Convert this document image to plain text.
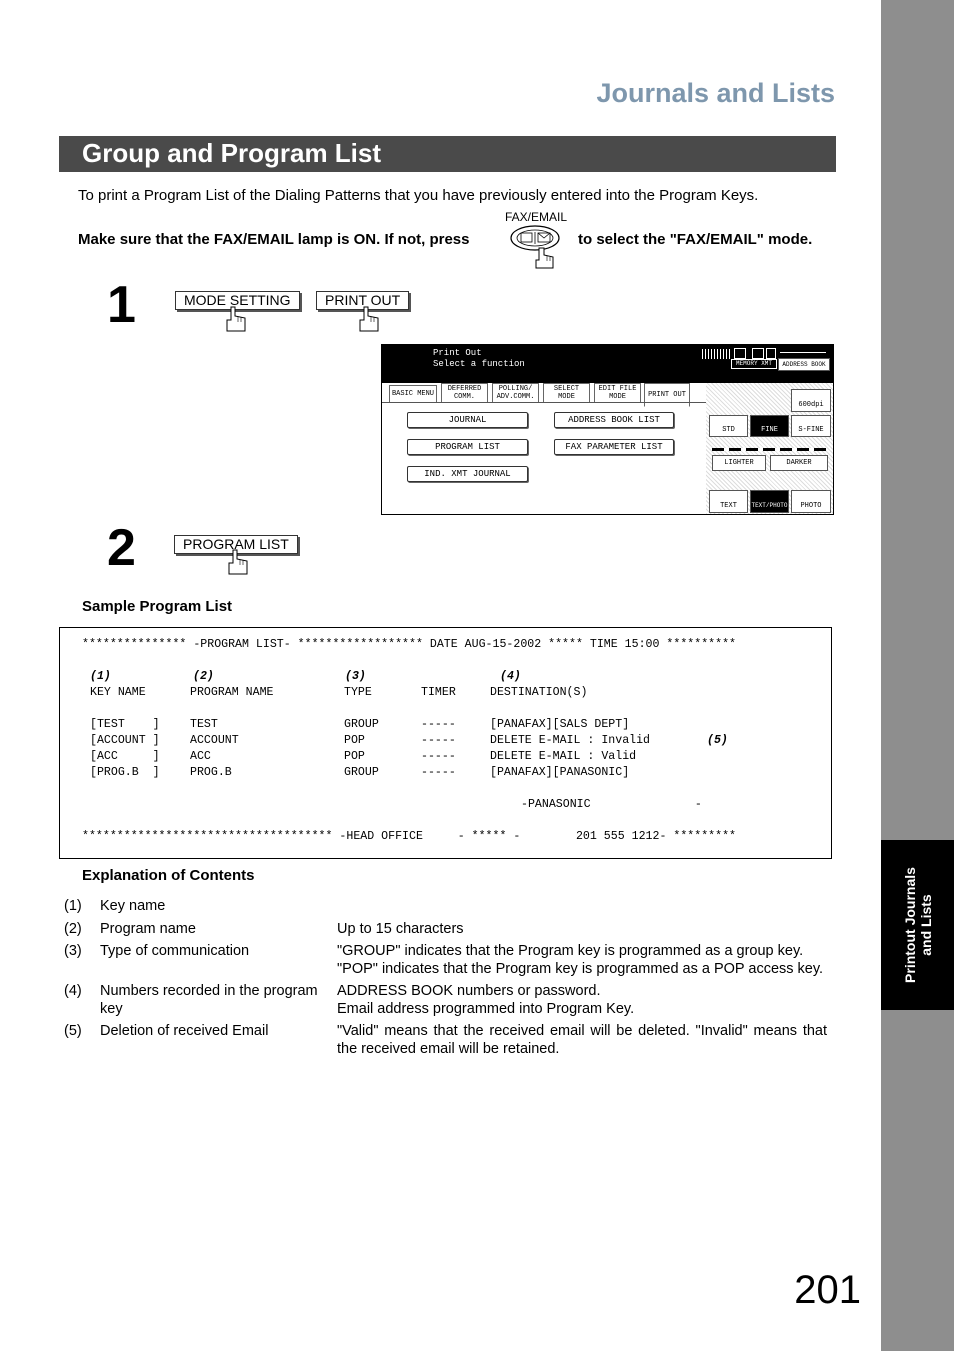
Printout Journals and Lists
Journals and Lists
Group and Program List
To print a Program List of the Dialing Patterns that you have previously entered into the Program Keys.
Make sure that the FAX/EMAIL lamp is ON. If not, press
FAX/EMAIL
to select the "FAX/EMAIL" mode.
1	MODE SETTING	PRINT OUT
Print Out
Select a function	MEMORY XMT	ADDRESS BOOK
BASIC MENU
DEFERRED COMM.
POLLING/ ADV.COMM.
SELECT MODE
EDIT FILE MODE	PRINT OUT
JOURNAL	ADDRESS BOOK LIST
PROGRAM LIST	FAX PARAMETER LIST
IND. XMT JOURNAL
600dpi
STD	FINE	S-FINE
LIGHTER	DARKER
TEXT	TEXT/PHOTO	PHOTO
2	PROGRAM LIST
Sample Program List
*************** -PROGRAM LIST- ****************** DATE AUG-15-2002 ***** TIME 15:00 **********
(1)	(2)	(3)	(4)
KEY NAME	PROGRAM NAME	TYPE	TIMER	DESTINATION(S)
[TEST    ]	TEST	GROUP	-----	[PANAFAX][SALS DEPT]
[ACCOUNT ]	ACCOUNT	POP	-----	DELETE E-MAIL : Invalid	(5)
[ACC     ]	ACC	POP	-----	DELETE E-MAIL : Valid
[PROG.B  ]	PROG.B	GROUP	-----	[PANAFAX][PANASONIC]
-PANASONIC               -
************************************ -HEAD OFFICE     - ***** -        201 555 1212- *********
Explanation of Contents
(1) Key name
(2) Program name	Up to 15 characters
(3) Type of communication	"GROUP" indicates that the Program key is programmed as a group key.
"POP" indicates that the Program key is programmed as a POP access key.
(4) Numbers recorded in the program key
ADDRESS BOOK numbers or password.
Email address programmed into Program Key.
(5) Deletion of received Email	"Valid" means that the received email will be deleted. "Invalid" means that the received email will be retained.
201
